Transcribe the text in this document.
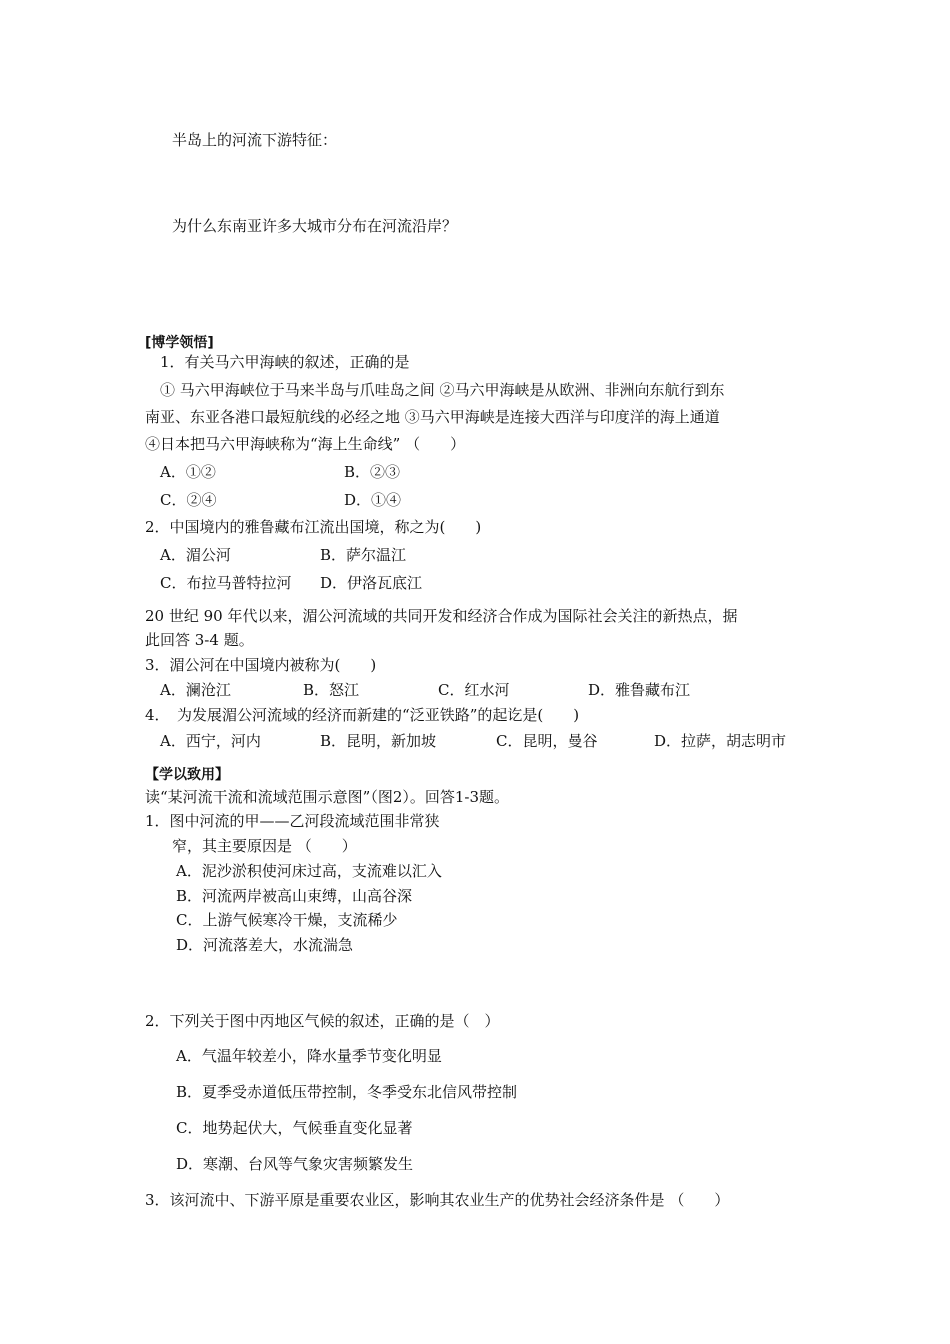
半岛上的河流下游特征：
为什么东南亚许多大城市分布在河流沿岸？
[博学领悟]
1．有关马六甲海峡的叙述，正确的是
① 马六甲海峡位于马来半岛与爪哇岛之间 ②马六甲海峡是从欧洲、非洲向东航行到东
南亚、东亚各港口最短航线的必经之地 ③马六甲海峡是连接大西洋与印度洋的海上通道
④日本把马六甲海峡称为“海上生命线” （　　）
A．①②	B．②③
C．②④	D．①④
2．中国境内的雅鲁藏布江流出国境，称之为(　　)
A．湄公河	B．萨尔温江
C．布拉马普特拉河 D．伊洛瓦底江
20 世纪 90 年代以来，湄公河流域的共同开发和经济合作成为国际社会关注的新热点，据
此回答 3-4 题。
3．湄公河在中国境内被称为(　　)
A．澜沧江	B．怒江	C．红水河	D．雅鲁藏布江
4．　为发展湄公河流域的经济而新建的“泛亚铁路”的起讫是(　　)
A．西宁，河内	B．昆明，新加坡	C．昆明，曼谷	D．拉萨，胡志明市
【学以致用】
读“某河流干流和流域范围示意图”（图2）。回答1-3题。
1．图中河流的甲——乙河段流域范围非常狭
窄，其主要原因是 （　　）
A．泥沙淤积使河床过高，支流难以汇入
B．河流两岸被高山束缚，山高谷深
C．上游气候寒冷干燥，支流稀少
D．河流落差大，水流湍急
2．下列关于图中丙地区气候的叙述，正确的是（　）
A．气温年较差小，降水量季节变化明显
B．夏季受赤道低压带控制，冬季受东北信风带控制
C．地势起伏大，气候垂直变化显著
D．寒潮、台风等气象灾害频繁发生
3．该河流中、下游平原是重要农业区，影响其农业生产的优势社会经济条件是 （　　）
